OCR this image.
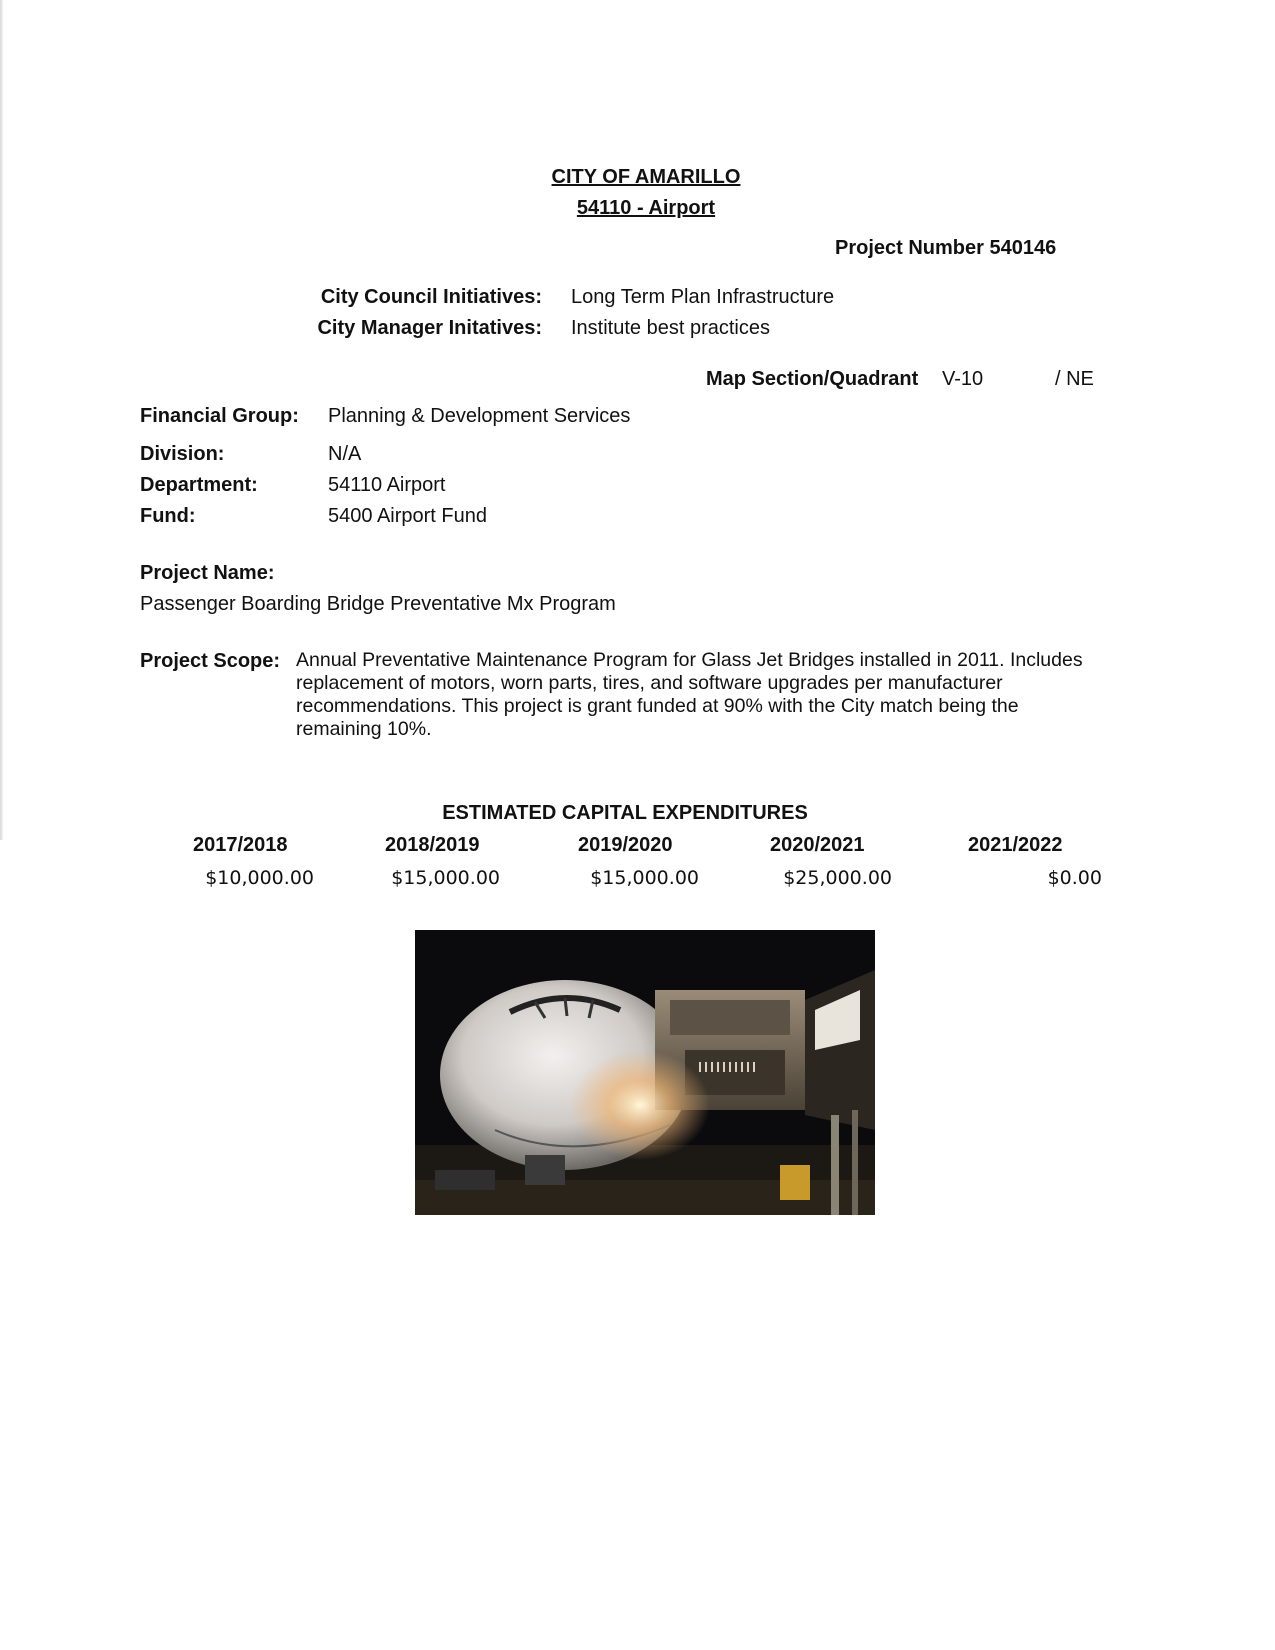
CITY OF AMARILLO
54110 - Airport
Project Number 540146
City Council Initiatives: Long Term Plan Infrastructure
City Manager Initatives: Institute best practices
Map Section/Quadrant V-10	/ NE
Financial Group: Planning & Development Services
Division:	N/A
Department:	54110 Airport
Fund:	5400 Airport Fund
Project Name:
Passenger Boarding Bridge Preventative Mx Program
Project Scope: Annual Preventative Maintenance Program for Glass Jet Bridges installed in 2011. Includes
replacement of motors, worn parts, tires, and software upgrades per manufacturer
recommendations. This project is grant funded at 90% with the City match being the
remaining 10%.
ESTIMATED CAPITAL EXPENDITURES
2017/2018	2018/2019	2019/2020	2020/2021	2021/2022
$10,000.00	$15,000.00	$15,000.00	$25,000.00	$0.00
